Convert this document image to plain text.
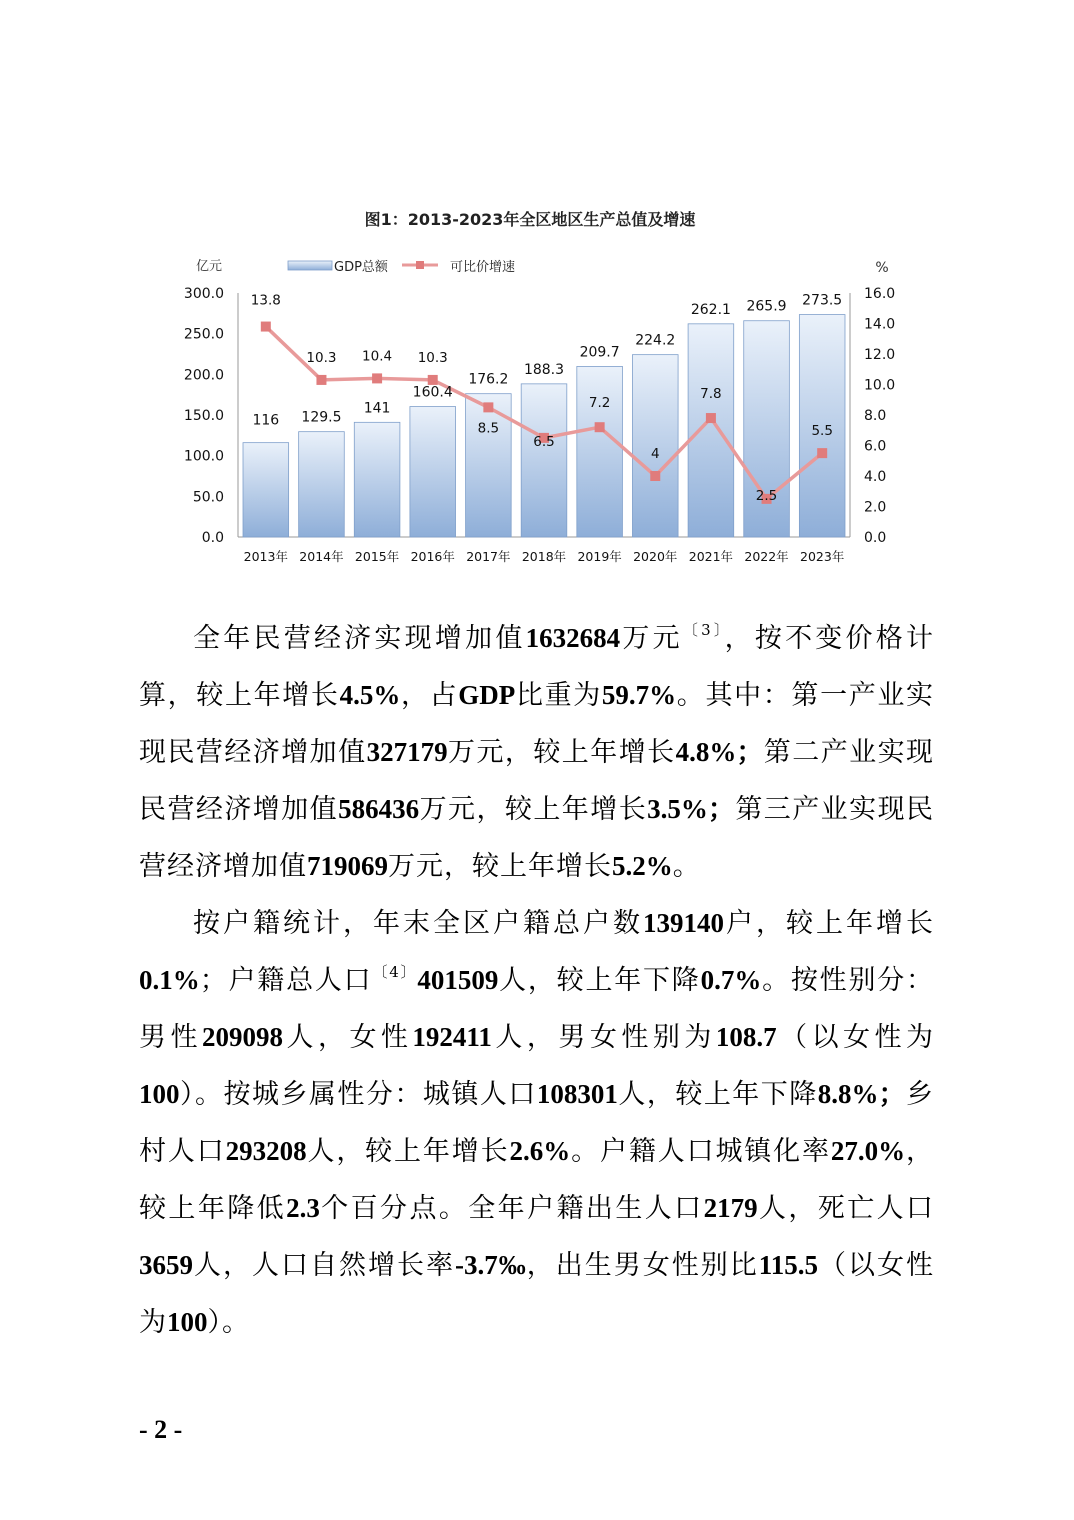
图1：2013-2023年全区地区生产总值及增速
亿元	%
GDP总额	可比价增速
0.0
50.0
100.0
150.0
200.0
250.0
300.0
0.0
2.0
4.0
6.0
8.0
10.0
12.0
14.0
16.0
2013年 2014年 2015年 2016年 2017年 2018年 2019年 2020年 2021年 2022年 2023年
116 129.5
141
160.4
176.2
188.3
209.7
224.2
262.1 265.9 273.5
13.8
10.3 10.4 10.3
8.5
6.5
7.2
4
7.8
2.5
5.5

全年民营经济实现增加值1632684万元$^{〔3〕}$，按不变价格计算，较上年增长4.5%，占GDP比重为59.7%。其中：第一产业实现民营经济增加值327179万元，较上年增长4.8%；第二产业实现民营经济增加值586436万元，较上年增长3.5%；第三产业实现民营经济增加值719069万元，较上年增长5.2%。

按户籍统计，年末全区户籍总户数139140户，较上年增长0.1%；户籍总人口$^{〔4〕}$401509人，较上年下降0.7%。按性别分：男性209098人，女性192411人，男女性别为108.7（以女性为100）。按城乡属性分：城镇人口108301人，较上年下降8.8%；乡村人口293208人，较上年增长2.6%。户籍人口城镇化率27.0%，较上年降低2.3个百分点。全年户籍出生人口2179人，死亡人口3659人，人口自然增长率-3.7‰，出生男女性别比115.5（以女性为100）。

- 2 -
